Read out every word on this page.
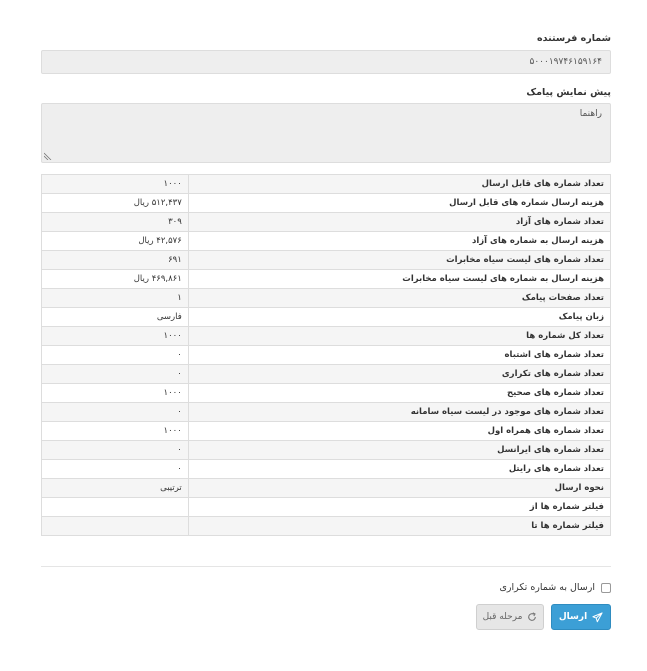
شماره فرستنده
۵۰۰۰۱۹۷۴۶۱۵۹۱۶۴
پیش نمایش پیامک
راهنما
تعداد شماره های قابل ارسال	۱۰۰۰
هزینه ارسال شماره های قابل ارسال	۵۱۲,۴۳۷ ریال
تعداد شماره های آزاد	۳۰۹
هزینه ارسال به شماره های آزاد	۴۲,۵۷۶ ریال
تعداد شماره های لیست سیاه مخابرات	۶۹۱
هزینه ارسال به شماره های لیست سیاه مخابرات	۴۶۹,۸۶۱ ریال
تعداد صفحات پیامک	۱
زبان پیامک	فارسی
تعداد کل شماره ها	۱۰۰۰
تعداد شماره های اشتباه	۰
تعداد شماره های تکراری	۰
تعداد شماره های صحیح	۱۰۰۰
تعداد شماره های موجود در لیست سیاه سامانه	۰
تعداد شماره های همراه اول	۱۰۰۰
تعداد شماره های ایرانسل	۰
تعداد شماره های رایتل	۰
نحوه ارسال	ترتیبی
فیلتر شماره ها از	
فیلتر شماره ها تا	
ارسال به شماره تکراری
ارسال
مرحله قبل
